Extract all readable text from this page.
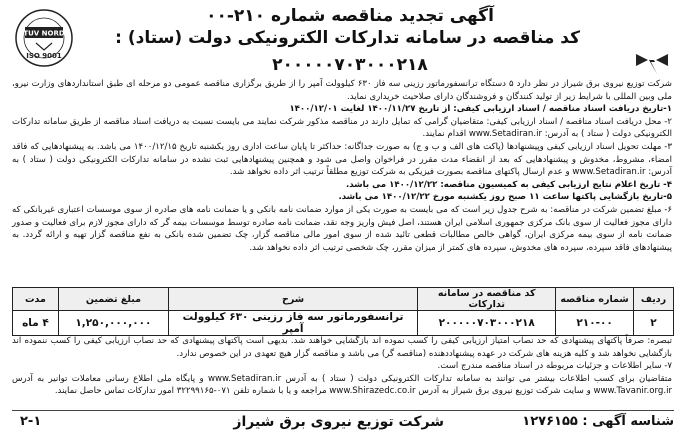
TUV NORD
ISO 9001
آگهی تجدید مناقصه شماره ۲۱۰-۰۰
کد مناقصه در سامانه تدارکات الکترونیکی دولت (ستاد) :
۲۰۰۰۰۰۷۰۳۰۰۰۲۱۸

شرکت توزیع نیروی برق شیراز در نظر دارد ۵ دستگاه ترانسفورماتور رزینی سه فاز ۶۳۰ کیلوولت آمپر را از طریق برگزاری مناقصه عمومی دو مرحله ای طبق استانداردهای وزارت نیرو، ملی وبین المللی با شرایط زیر از تولید کنندگان و فروشندگان دارای صلاحیت خریداری نماید.

۱-تاریخ دریافت اسناد مناقصه / اسناد ارزیابی کیفی: از تاریخ ۱۴۰۰/۱۱/۲۷ لغایت ۱۴۰۰/۱۲/۰۱

۲- محل دریافت اسناد مناقصه / اسناد ارزیابی کیفی: متقاضیان گرامی که تمایل دارند در مناقصه مذکور شرکت نمایند می بایست نسبت به دریافت اسناد مناقصه از طریق سامانه تدارکات الکترونیکی دولت ( ستاد ) به آدرس: www.Setadiran.ir اقدام نمایند.

۳- مهلت تحویل اسناد ارزیابی کیفی وپیشنهادها (پاکت های الف و ب و ج) به صورت جداگانه: حداکثر تا پایان ساعت اداری روز یکشنبه تاریخ ۱۴۰۰/۱۲/۱۵ می باشد. به پیشنهادهایی که فاقد امضاء، مشروط، مخدوش و پیشنهادهایی که بعد از انقضاء مدت مقرر در فراخوان واصل می شود و همچنین پیشنهادهایی ثبت نشده در سامانه تدارکات الکترونیکی دولت ( ستاد ) به آدرس: www.Setadiran.ir و عدم ارسال پاکتهای مناقصه بصورت فیزیکی به شرکت توزیع مطلقاً ترتیب اثر داده نخواهد شد.

۴- تاریخ اعلام نتایج ارزیابی کیفی به کمیسیون مناقصه: ۱۴۰۰/۱۲/۲۲ می باشد.

۵-تاریخ بازگشایی پاکتها ساعت ۱۱ صبح روز یکشنبه مورخ ۱۴۰۰/۱۲/۲۲ می باشد.

۶- مبلغ تضمین شرکت در مناقصه: به شرح جدول زیر است که می بایست به صورت یکی از موارد ضمانت نامه بانکی و یا ضمانت نامه های صادره از سوی موسسات اعتباری غیربانکی که دارای مجوز فعالیت از سوی بانک مرکزی جمهوری اسلامی ایران هستند، اصل فیش واریز وجه نقد، ضمانت نامه صادره توسط موسسات بیمه گر که دارای مجوز لازم برای فعالیت و صدور ضمانت نامه از سوی بیمه مرکزی ایران، گواهی خالص مطالبات قطعی تائید شده از سوی امور مالی مناقصه گزار، چک تضمین شده بانکی به نفع مناقصه گزار تهیه و ارائه گردد. به پیشنهادهای فاقد سپرده، سپرده های مخدوش، سپرده های کمتر از میزان مقرر، چک شخصی ترتیب اثر داده نخواهد شد.

ردیف	شماره مناقصه	کد مناقصه در سامانه تدارکات	شرح	مبلغ تضمین	مدت
۲	۲۱۰-۰۰	۲۰۰۰۰۰۷۰۳۰۰۰۲۱۸	ترانسفورماتور سه فاز رزینی ۶۳۰ کیلوولت آمپر	۱,۲۵۰,۰۰۰,۰۰۰	۴ ماه

تبصره: صرفاً پاکتهای پیشنهادی که حد نصاب امتیاز ارزیابی کیفی را کسب نموده اند بازگشایی خواهند شد. بدیهی است پاکتهای پیشنهادی که حد نصاب ارزیابی کیفی را کسب ننموده اند بازگشایی نخواهد شد و کلیه هزینه های شرکت در عهده پیشنهاددهنده (مناقصه گر) می باشد و مناقصه گزار هیچ تعهدی در این خصوص ندارد.

۷- سایر اطلاعات و جزئیات مربوطه در اسناد مناقصه مندرج است.

متقاضیان برای کسب اطلاعات بیشتر می توانند به سامانه تدارکات الکترونیکی دولت ( ستاد ) به آدرس www.Setadiran.ir و پایگاه ملی اطلاع رسانی معاملات توانیر به آدرس www.Tavanir.org.ir و سایت شرکت توزیع نیروی برق شیراز به آدرس www.Shirazedc.co.ir مراجعه و یا با شماره تلفن ۰۷۱-۳۲۲۹۹۱۶۵ امور تدارکات تماس حاصل نمایند.

شناسه آگهی : ۱۲۷۶۱۵۵
شرکت توزیع نیروی برق شیراز
۲-۱
